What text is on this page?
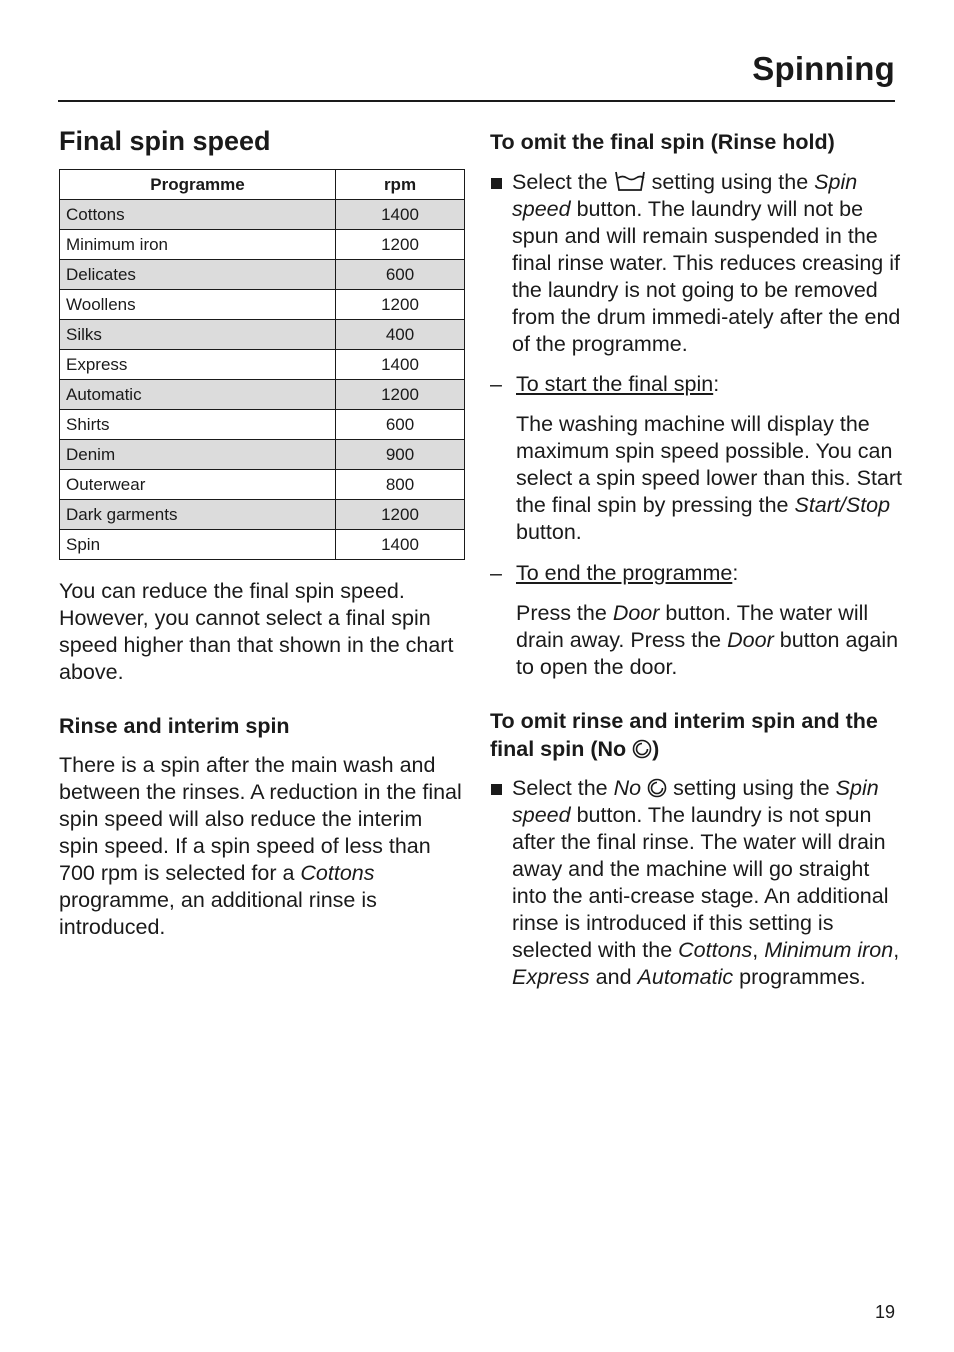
Spinning
Final spin speed
Programme	rpm
Cottons	1400
Minimum iron	1200
Delicates	600
Woollens	1200
Silks	400
Express	1400
Automatic	1200
Shirts	600
Denim	900
Outerwear	800
Dark garments	1200
Spin	1400

You can reduce the final spin speed. However, you cannot select a final spin speed higher than that shown in the chart above.

Rinse and interim spin

There is a spin after the main wash and between the rinses. A reduction in the final spin speed will also reduce the interim spin speed. If a spin speed of less than 700 rpm is selected for a Cottons programme, an additional rinse is introduced.

To omit the final spin (Rinse hold)
Select the setting using the Spin speed button. The laundry will not be spun and will remain suspended in the final rinse water. This reduces creasing if the laundry is not going to be removed from the drum immedi-ately after the end of the programme.
– To start the final spin:
The washing machine will display the maximum spin speed possible. You can select a spin speed lower than this. Start the final spin by pressing the Start/Stop button.
– To end the programme:
Press the Door button. The water will drain away. Press the Door button again to open the door.
To omit rinse and interim spin and the final spin (No )
Select the No setting using the Spin speed button. The laundry is not spun after the final rinse. The water will drain away and the machine will go straight into the anti-crease stage. An additional rinse is introduced if this setting is selected with the Cottons, Minimum iron, Express and Automatic programmes.
19
